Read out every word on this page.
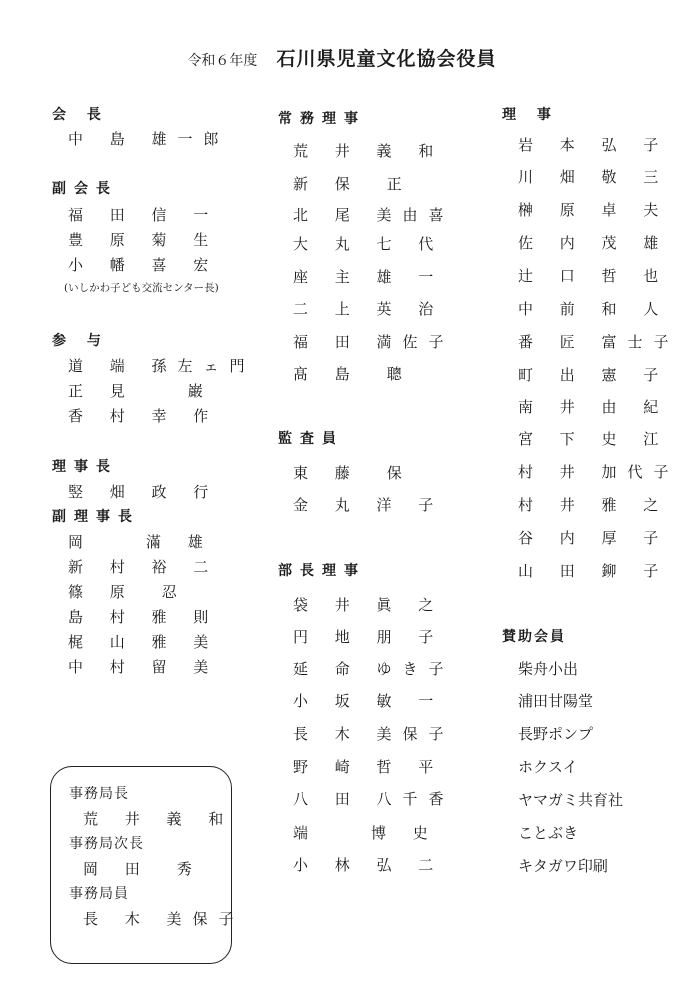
令和６年度 石川県児童文化協会役員
会 長
中 島 雄一郎
副会長
福 田 信 一
豊 原 菊 生
小 幡 喜 宏
(いしかわ子ども交流センター長)
参 与
道 端 孫左ェ門
正 見　　巌
香 村 幸 作
理事長
竪 畑 政 行
副理事長
岡　　滿 雄
新 村 裕 二
篠 原　忍
島 村 雅 則
梶 山 雅 美
中 村 留 美
事務局長
荒 井 義 和
事務局次長
岡 田　秀
事務局員
長 木 美保子
常務理事
荒 井 義 和
新 保　正
北 尾 美由喜
大 丸 七 代
座 主 雄 一
二 上 英 治
福 田 満佐子
髙 島　聰
監査員
東 藤　保
金 丸 洋 子
部長理事
袋 井 眞 之
円 地 朋 子
延 命 ゆき子
小 坂 敏 一
長 木 美保子
野 崎 哲 平
八 田 八千香
端　　博 史
小 林 弘 二
理 事
岩 本 弘 子
川 畑 敬 三
榊 原 卓 夫
佐 内 茂 雄
辻 口 哲 也
中 前 和 人
番 匠 富士子
町 出 憲 子
南 井 由 紀
宮 下 史 江
村 井 加代子
村 井 雅 之
谷 内 厚 子
山 田 鉚 子
賛助会員
柴舟小出
浦田甘陽堂
長野ポンプ
ホクスイ
ヤマガミ共育社
ことぶき
キタガワ印刷
